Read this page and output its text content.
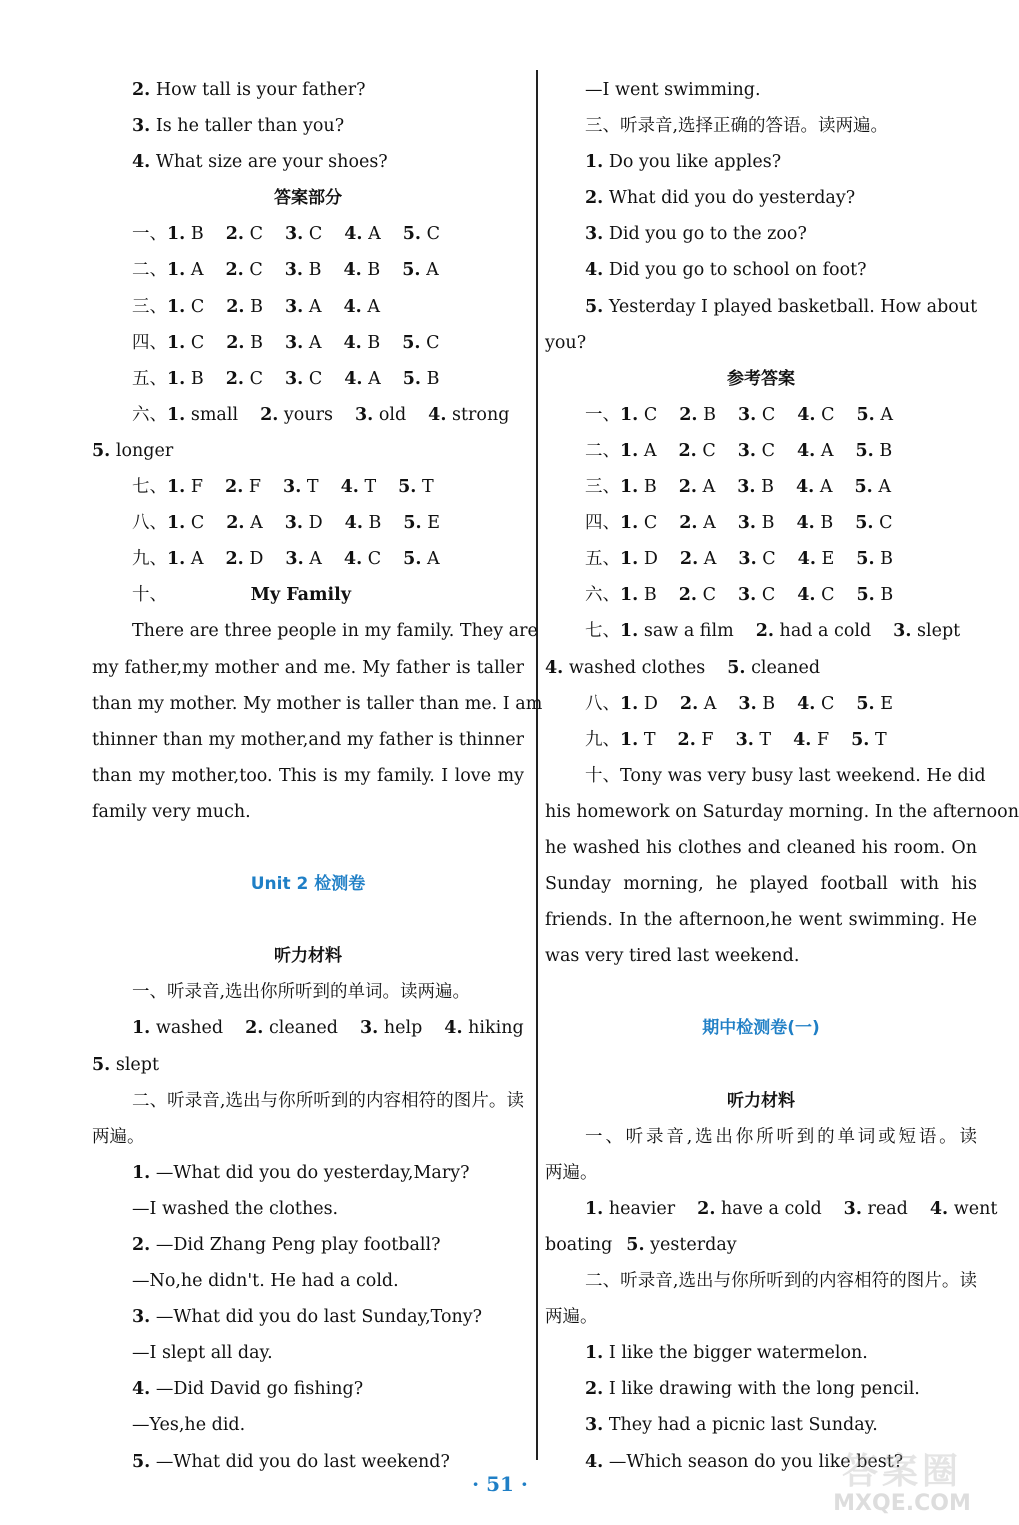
2. How tall is your father?
3. Is he taller than you?
4. What size are your shoes?
答案部分
一、1. B 2. C 3. C 4. A 5. C
二、1. A 2. C 3. B 4. B 5. A
三、1. C 2. B 3. A 4. A
四、1. C 2. B 3. A 4. B 5. C
五、1. B 2. C 3. C 4. A 5. B
六、1. small 2. yours 3. old 4. strong
5. longer
七、1. F 2. F 3. T 4. T 5. T
八、1. C 2. A 3. D 4. B 5. E
九、1. A 2. D 3. A 4. C 5. A
十、	My Family
There are three people in my family. They are
my father,my mother and me. My father is taller
than my mother. My mother is taller than me. I am
thinner than my mother,and my father is thinner
than my mother,too. This is my family. I love my
family very much.
Unit 2 检测卷
听力材料
一、听录音,选出你所听到的单词。读两遍。
1. washed 2. cleaned 3. help 4. hiking
5. slept
二、听录音,选出与你所听到的内容相符的图片。读
两遍。
1. —What did you do yesterday,Mary?
—I washed the clothes.
2. —Did Zhang Peng play football?
—No,he didn't. He had a cold.
3. —What did you do last Sunday,Tony?
—I slept all day.
4. —Did David go fishing?
—Yes,he did.
5. —What did you do last weekend?
—I went swimming.
三、听录音,选择正确的答语。读两遍。
1. Do you like apples?
2. What did you do yesterday?
3. Did you go to the zoo?
4. Did you go to school on foot?
5. Yesterday I played basketball. How about
you?
参考答案
一、1. C 2. B 3. C 4. C 5. A
二、1. A 2. C 3. C 4. A 5. B
三、1. B 2. A 3. B 4. A 5. A
四、1. C 2. A 3. B 4. B 5. C
五、1. D 2. A 3. C 4. E 5. B
六、1. B 2. C 3. C 4. C 5. B
七、1. saw a film 2. had a cold 3. slept
4. washed clothes 5. cleaned
八、1. D 2. A 3. B 4. C 5. E
九、1. T 2. F 3. T 4. F 5. T
十、Tony was very busy last weekend. He did
his homework on Saturday morning. In the afternoon
he washed his clothes and cleaned his room. On
Sunday morning, he played football with his
friends. In the afternoon,he went swimming. He
was very tired last weekend.
期中检测卷(一)
听力材料
一、听录音,选出你所听到的单词或短语。读
两遍。
1. heavier 2. have a cold 3. read 4. went
boating 5. yesterday
二、听录音,选出与你所听到的内容相符的图片。读
两遍。
1. I like the bigger watermelon.
2. I like drawing with the long pencil.
3. They had a picnic last Sunday.
4. —Which season do you like best?
· 51 ·	答案圈
MXQE.COM
